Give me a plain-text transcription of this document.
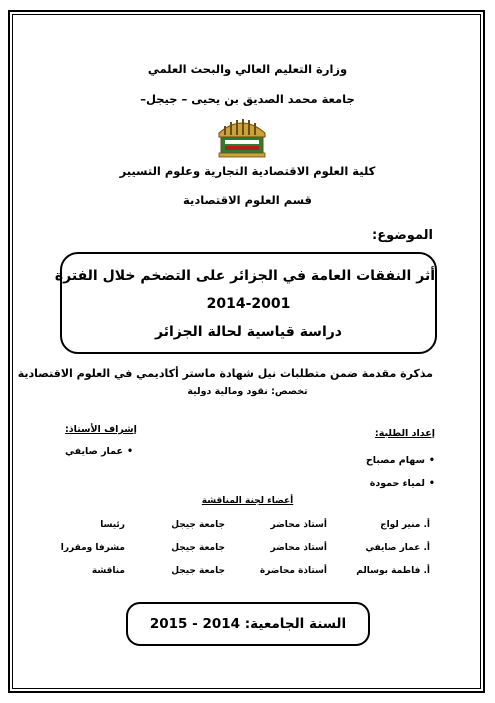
وزارة التعليم العالي والبحث العلمي
جامعة محمد الصديق بن يحيى – جيجل–
كلية العلوم الاقتصادية التجارية وعلوم التسيير
قسم العلوم الاقتصادية
الموضوع:
أثر النفقات العامة في الجزائر على التضخم خلال الفترة
2014-2001
دراسة قياسية لحالة الجزائر
مذكرة مقدمة ضمن متطلبات نيل شهادة ماستر أكاديمي في العلوم الاقتصادية
تخصص: نقود ومالية دولية
إعداد الطلبة:
• سهام مصباح
• لمياء حمودة
إشراف الأستاذ:
• عمار صايفي
أعضاء لجنة المناقشة
أ. منير لواج
أستاذ محاضر
جامعة جيجل
رئيسا
أ. عمار صايفي
أستاذ محاضر
جامعة جيجل
مشرفا ومقررا
أ. فاطمة بوسالم
أستاذة محاضرة
جامعة جيجل
مناقشة
السنة الجامعية: 2014 - 2015
